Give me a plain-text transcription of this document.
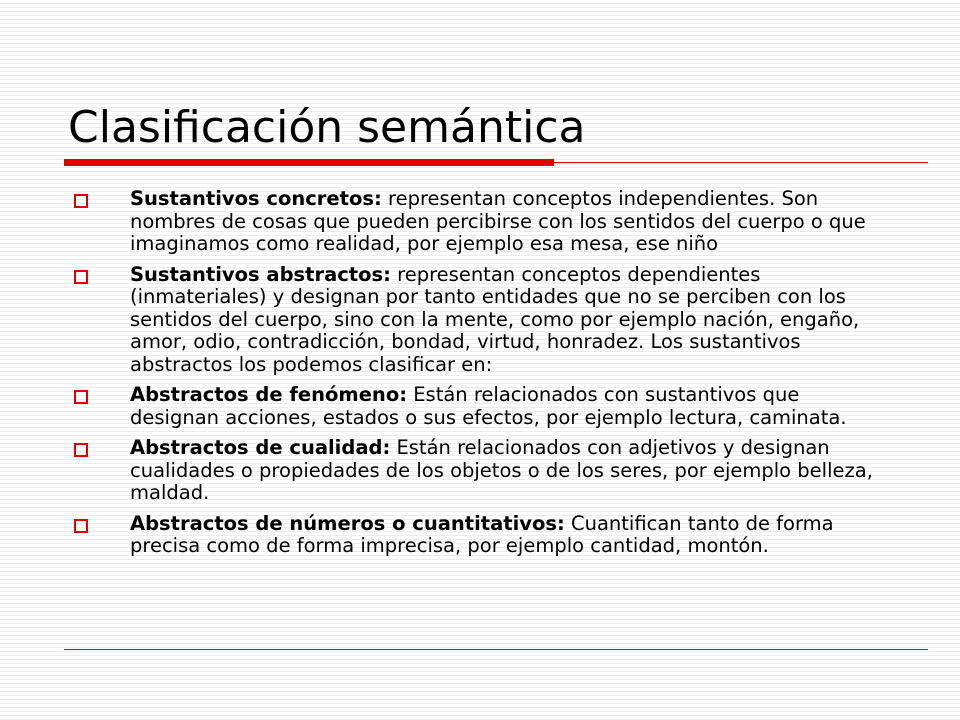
Clasificación semántica
Sustantivos concretos: representan conceptos independientes. Son nombres de cosas que pueden percibirse con los sentidos del cuerpo o que imaginamos como realidad, por ejemplo esa mesa, ese niño
Sustantivos abstractos: representan conceptos dependientes (inmateriales) y designan por tanto entidades que no se perciben con los sentidos del cuerpo, sino con la mente, como por ejemplo nación, engaño, amor, odio, contradicción, bondad, virtud, honradez. Los sustantivos abstractos los podemos clasificar en:
Abstractos de fenómeno: Están relacionados con sustantivos que designan acciones, estados o sus efectos, por ejemplo lectura, caminata.
Abstractos de cualidad: Están relacionados con adjetivos y designan cualidades o propiedades de los objetos o de los seres, por ejemplo belleza, maldad.
Abstractos de números o cuantitativos: Cuantifican tanto de forma precisa como de forma imprecisa, por ejemplo cantidad, montón.
